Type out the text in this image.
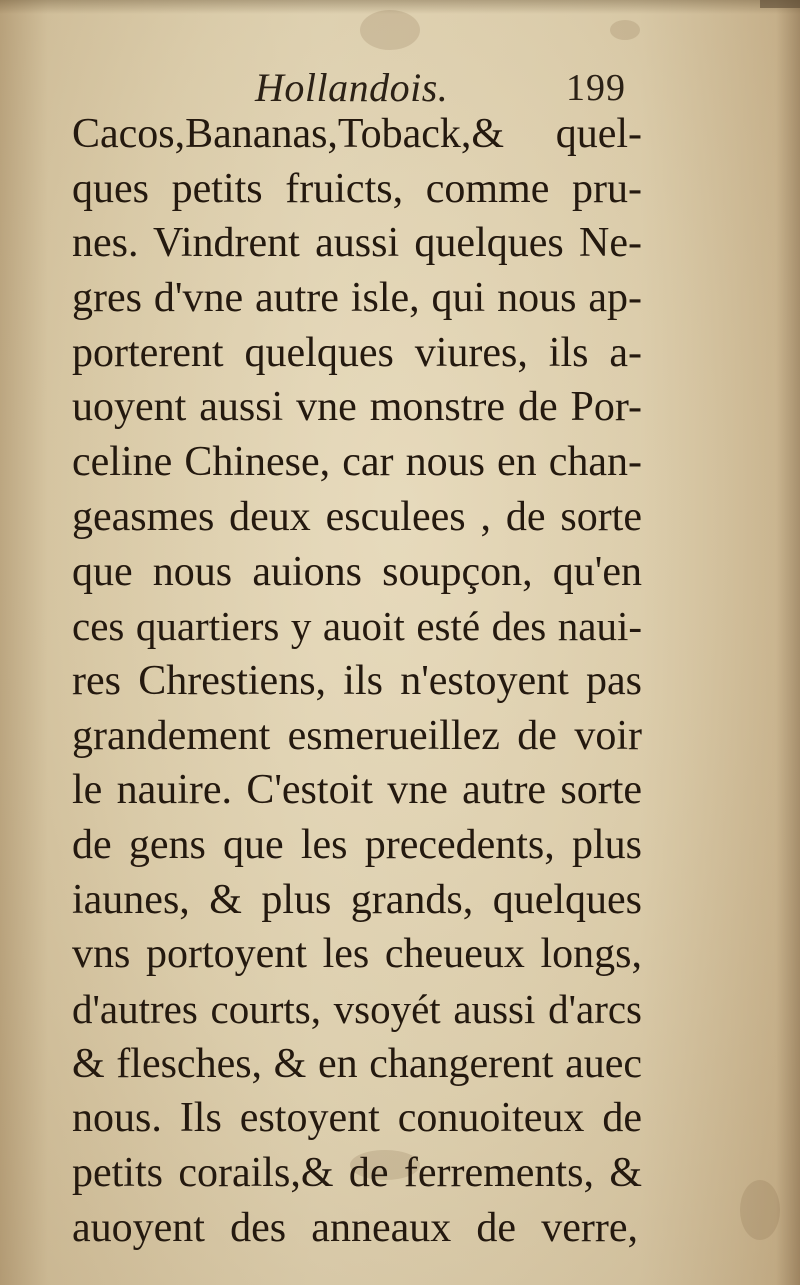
Hollandois.	199
Cacos,Bananas,Toback,& quel-
ques petits fruicts, comme pru-
nes. Vindrent aussi quelques Ne-
gres d'vne autre isle, qui nous ap-
porterent quelques viures, ils a-
uoyent aussi vne monstre de Por-
celine Chinese, car nous en chan-
geasmes deux esculees , de sorte
que nous auions soupçon, qu'en
ces quartiers y auoit esté des naui-
res Chrestiens, ils n'estoyent pas
grandement esmerueillez de voir
le nauire. C'estoit vne autre sorte
de gens que les precedents, plus
iaunes, & plus grands, quelques
vns portoyent les cheueux longs,
d'autres courts, vsoyét aussi d'arcs
& flesches, & en changerent auec
nous. Ils estoyent conuoiteux de
petits corails,& de ferrements, &
auoyent des anneaux de verre,
